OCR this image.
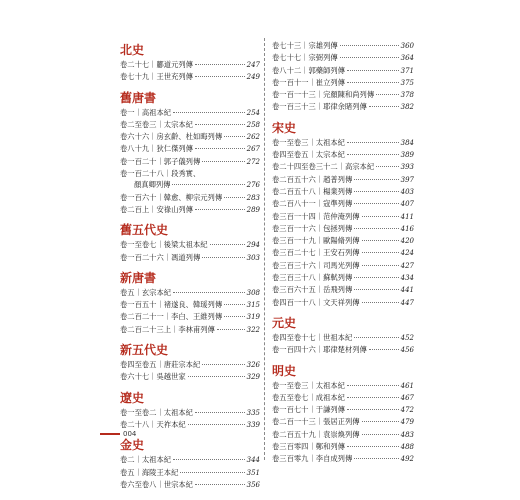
北史
卷二十七｜酈道元列傳	247
卷七十九｜王世充列傳	249
舊唐書
卷一｜高祖本紀	254
卷二至卷三｜太宗本紀	258
卷六十六｜房玄齡、杜如晦列傳	262
卷八十九｜狄仁傑列傳	267
卷一百二十｜郭子儀列傳	272
卷一百二十八｜段秀實、
顏真卿列傳	276
卷一百六十｜韓愈、柳宗元列傳	283
卷二百上｜安祿山列傳	289
舊五代史
卷一至卷七｜後梁太祖本紀	294
卷一百二十六｜馮道列傳	303
新唐書
卷五｜玄宗本紀	308
卷一百五十｜褚遂良、韓瑗列傳	315
卷二百二十一｜李白、王維列傳	319
卷二百二十三上｜李林甫列傳	322
新五代史
卷四至卷五｜唐莊宗本紀	326
卷六十七｜吳越世家	329
遼史
卷一至卷二｜太祖本紀	335
卷二十八｜天祚本紀	339
金史
卷二｜太祖本紀	344
卷五｜海陵王本紀	351
卷六至卷八｜世宗本紀	356
卷七十三｜宗雄列傳	360
卷七十七｜宗弼列傳	364
卷八十二｜郭藥師列傳	371
卷一百十一｜崔立列傳	375
卷一百一十三｜完顏陳和尚列傳	378
卷一百三十三｜耶律余睹列傳	382
宋史
卷一至卷三｜太祖本紀	384
卷四至卷五｜太宗本紀	389
卷二十四至卷三十二｜高宗本紀	393
卷二百五十六｜趙普列傳	397
卷二百五十八｜楊業列傳	403
卷二百八十一｜寇準列傳	407
卷三百一十四｜范仲淹列傳	411
卷三百一十六｜包拯列傳	416
卷三百一十九｜歐陽脩列傳	420
卷三百二十七｜王安石列傳	424
卷三百三十六｜司馬光列傳	427
卷三百三十八｜蘇軾列傳	434
卷三百六十五｜岳飛列傳	441
卷四百一十八｜文天祥列傳	447
元史
卷四至卷十七｜世祖本紀	452
卷一百四十六｜耶律楚材列傳	456
明史
卷一至卷三｜太祖本紀	461
卷五至卷七｜成祖本紀	467
卷一百七十｜于謙列傳	472
卷二百一十三｜張居正列傳	479
卷二百五十九｜袁崇煥列傳	483
卷三百零四｜鄭和列傳	488
卷三百零九｜李自成列傳	492
004
